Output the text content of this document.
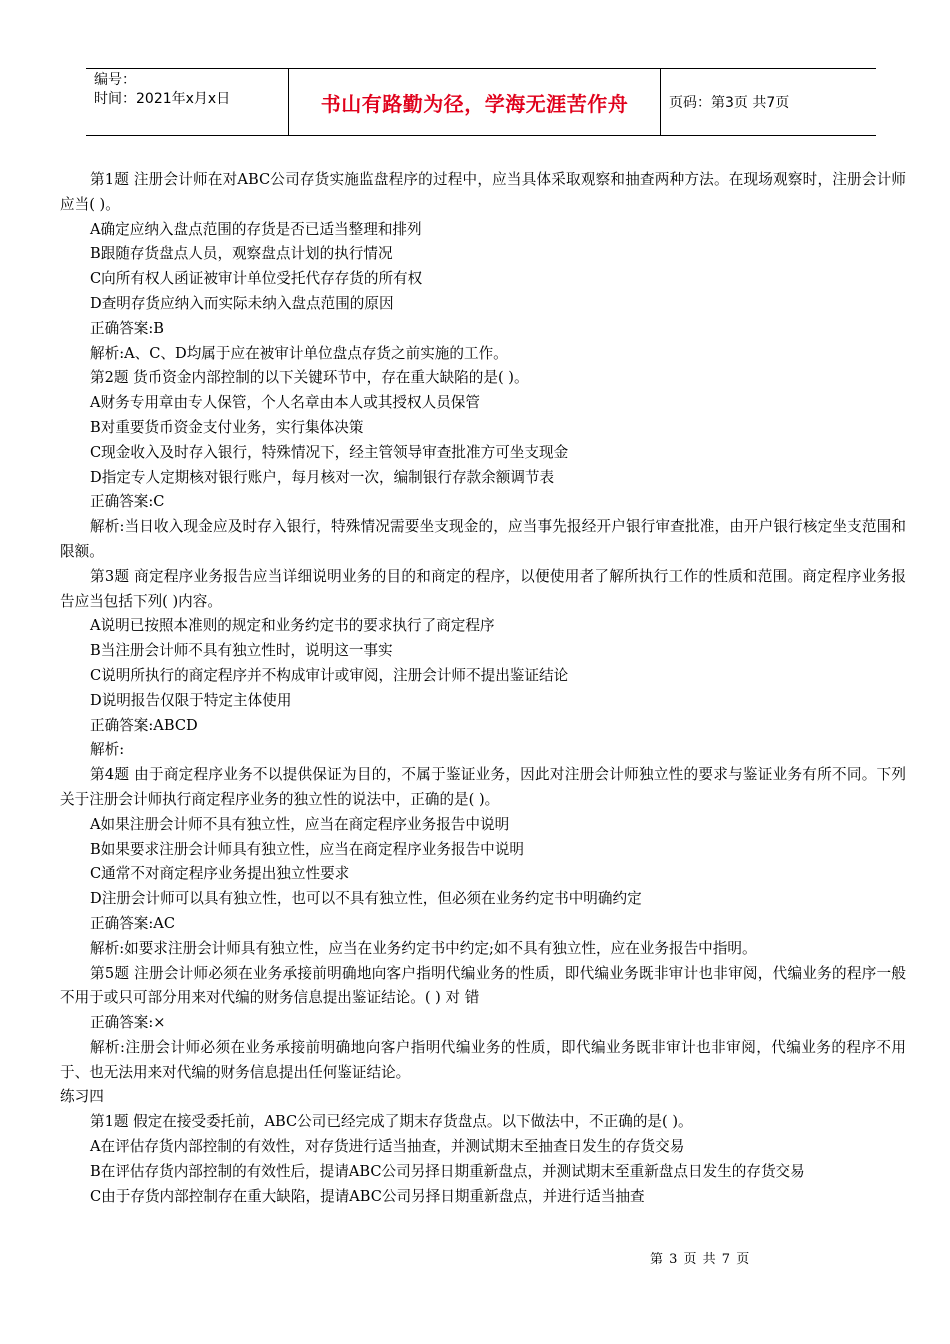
编号：
时间：2021年x月x日	书山有路勤为径，学海无涯苦作舟	页码：第3页 共7页

第1题 注册会计师在对ABC公司存货实施监盘程序的过程中，应当具体采取观察和抽查两种方法。在现场观察时，注册会计师应当( )。

A确定应纳入盘点范围的存货是否已适当整理和排列

B跟随存货盘点人员，观察盘点计划的执行情况

C向所有权人函证被审计单位受托代存存货的所有权

D查明存货应纳入而实际未纳入盘点范围的原因

正确答案:B

解析:A、C、D均属于应在被审计单位盘点存货之前实施的工作。

第2题 货币资金内部控制的以下关键环节中，存在重大缺陷的是( )。

A财务专用章由专人保管，个人名章由本人或其授权人员保管

B对重要货币资金支付业务，实行集体决策

C现金收入及时存入银行，特殊情况下，经主管领导审查批准方可坐支现金

D指定专人定期核对银行账户，每月核对一次，编制银行存款余额调节表

正确答案:C

解析:当日收入现金应及时存入银行，特殊情况需要坐支现金的，应当事先报经开户银行审查批准，由开户银行核定坐支范围和限额。

第3题 商定程序业务报告应当详细说明业务的目的和商定的程序，以便使用者了解所执行工作的性质和范围。商定程序业务报告应当包括下列( )内容。

A说明已按照本准则的规定和业务约定书的要求执行了商定程序

B当注册会计师不具有独立性时，说明这一事实

C说明所执行的商定程序并不构成审计或审阅，注册会计师不提出鉴证结论

D说明报告仅限于特定主体使用

正确答案:ABCD

解析:

第4题 由于商定程序业务不以提供保证为目的，不属于鉴证业务，因此对注册会计师独立性的要求与鉴证业务有所不同。下列关于注册会计师执行商定程序业务的独立性的说法中，正确的是( )。

A如果注册会计师不具有独立性，应当在商定程序业务报告中说明

B如果要求注册会计师具有独立性，应当在商定程序业务报告中说明

C通常不对商定程序业务提出独立性要求

D注册会计师可以具有独立性，也可以不具有独立性，但必须在业务约定书中明确约定

正确答案:AC

解析:如要求注册会计师具有独立性，应当在业务约定书中约定;如不具有独立性，应在业务报告中指明。

第5题 注册会计师必须在业务承接前明确地向客户指明代编业务的性质，即代编业务既非审计也非审阅，代编业务的程序一般不用于或只可部分用来对代编的财务信息提出鉴证结论。( ) 对 错

正确答案:×

解析:注册会计师必须在业务承接前明确地向客户指明代编业务的性质，即代编业务既非审计也非审阅，代编业务的程序不用于、也无法用来对代编的财务信息提出任何鉴证结论。

练习四

第1题 假定在接受委托前，ABC公司已经完成了期末存货盘点。以下做法中，不正确的是( )。

A在评估存货内部控制的有效性，对存货进行适当抽查，并测试期末至抽查日发生的存货交易

B在评估存货内部控制的有效性后，提请ABC公司另择日期重新盘点，并测试期末至重新盘点日发生的存货交易

C由于存货内部控制存在重大缺陷，提请ABC公司另择日期重新盘点，并进行适当抽查

第 3 页 共 7 页
